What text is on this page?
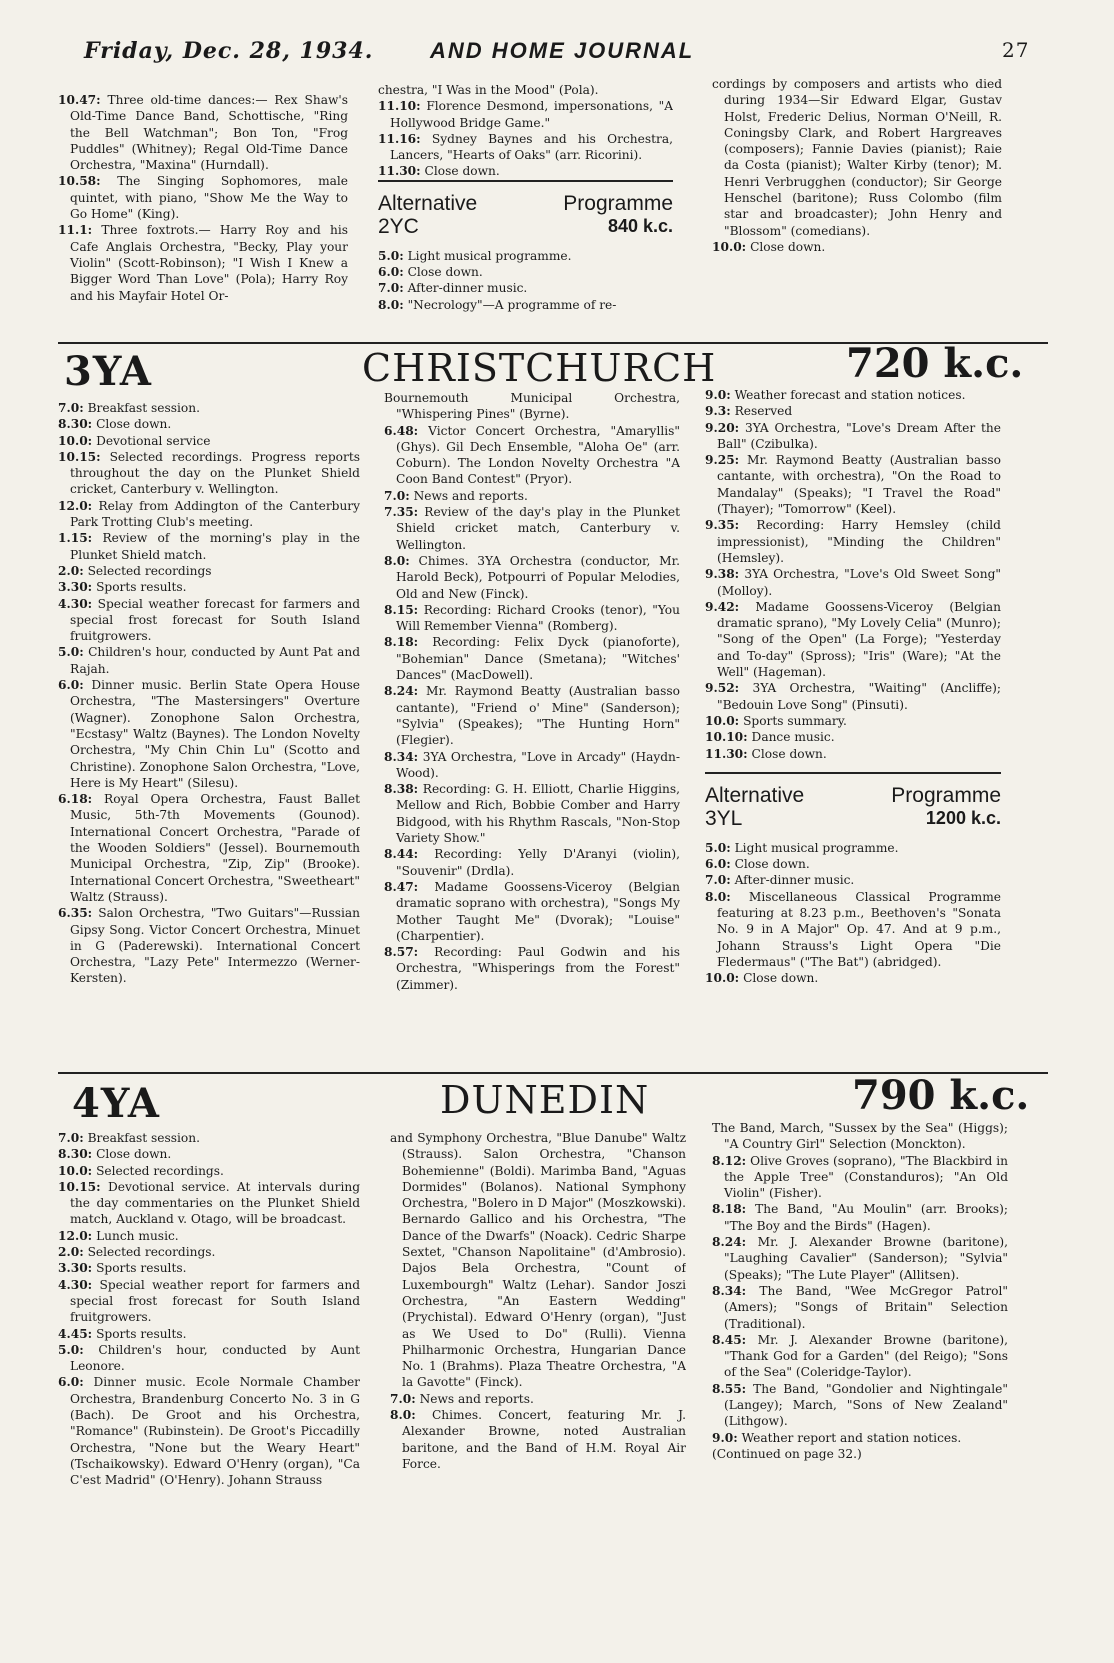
Friday, Dec. 28, 1934.	AND HOME JOURNAL	27

10.47: Three old-time dances:— Rex Shaw's Old-Time Dance Band, Schottische, "Ring the Bell Watchman"; Bon Ton, "Frog Puddles" (Whitney); Regal Old-Time Dance Orchestra, "Maxina" (Hurndall).

10.58: The Singing Sophomores, male quintet, with piano, "Show Me the Way to Go Home" (King).

11.1: Three foxtrots.— Harry Roy and his Cafe Anglais Orchestra, "Becky, Play your Violin" (Scott-Robinson); "I Wish I Knew a Bigger Word Than Love" (Pola); Harry Roy and his Mayfair Hotel Or-

chestra, "I Was in the Mood" (Pola).

11.10: Florence Desmond, impersonations, "A Hollywood Bridge Game."

11.16: Sydney Baynes and his Orchestra, Lancers, "Hearts of Oaks" (arr. Ricorini).

11.30: Close down.

Alternative	Programme

2YC	840 k.c.

5.0: Light musical programme.

6.0: Close down.

7.0: After-dinner music.

8.0: "Necrology"—A programme of re-

cordings by composers and artists who died during 1934—Sir Edward Elgar, Gustav Holst, Frederic Delius, Norman O'Neill, R. Coningsby Clark, and Robert Hargreaves (composers); Fannie Davies (pianist); Raie da Costa (pianist); Walter Kirby (tenor); M. Henri Verbrugghen (conductor); Sir George Henschel (baritone); Russ Colombo (film star and broadcaster); John Henry and "Blossom" (comedians).

10.0: Close down.

3YA	CHRISTCHURCH	720 k.c.

7.0: Breakfast session.

8.30: Close down.

10.0: Devotional service

10.15: Selected recordings. Progress reports throughout the day on the Plunket Shield cricket, Canterbury v. Wellington.

12.0: Relay from Addington of the Canterbury Park Trotting Club's meeting.

1.15: Review of the morning's play in the Plunket Shield match.

2.0: Selected recordings

3.30: Sports results.

4.30: Special weather forecast for farmers and special frost forecast for South Island fruitgrowers.

5.0: Children's hour, conducted by Aunt Pat and Rajah.

6.0: Dinner music. Berlin State Opera House Orchestra, "The Mastersingers" Overture (Wagner). Zonophone Salon Orchestra, "Ecstasy" Waltz (Baynes). The London Novelty Orchestra, "My Chin Chin Lu" (Scotto and Christine). Zonophone Salon Orchestra, "Love, Here is My Heart" (Silesu).

6.18: Royal Opera Orchestra, Faust Ballet Music, 5th-7th Movements (Gounod). International Concert Orchestra, "Parade of the Wooden Soldiers" (Jessel). Bournemouth Municipal Orchestra, "Zip, Zip" (Brooke). International Concert Orchestra, "Sweetheart" Waltz (Strauss).

6.35: Salon Orchestra, "Two Guitars"—Russian Gipsy Song. Victor Concert Orchestra, Minuet in G (Paderewski). International Concert Orchestra, "Lazy Pete" Intermezzo (Werner-Kersten).

Bournemouth Municipal Orchestra, "Whispering Pines" (Byrne).

6.48: Victor Concert Orchestra, "Amaryllis" (Ghys). Gil Dech Ensemble, "Aloha Oe" (arr. Coburn). The London Novelty Orchestra "A Coon Band Contest" (Pryor).

7.0: News and reports.

7.35: Review of the day's play in the Plunket Shield cricket match, Canterbury v. Wellington.

8.0: Chimes. 3YA Orchestra (conductor, Mr. Harold Beck), Potpourri of Popular Melodies, Old and New (Finck).

8.15: Recording: Richard Crooks (tenor), "You Will Remember Vienna" (Romberg).

8.18: Recording: Felix Dyck (pianoforte), "Bohemian" Dance (Smetana); "Witches' Dances" (MacDowell).

8.24: Mr. Raymond Beatty (Australian basso cantante), "Friend o' Mine" (Sanderson); "Sylvia" (Speakes); "The Hunting Horn" (Flegier).

8.34: 3YA Orchestra, "Love in Arcady" (Haydn-Wood).

8.38: Recording: G. H. Elliott, Charlie Higgins, Mellow and Rich, Bobbie Comber and Harry Bidgood, with his Rhythm Rascals, "Non-Stop Variety Show."

8.44: Recording: Yelly D'Aranyi (violin), "Souvenir" (Drdla).

8.47: Madame Goossens-Viceroy (Belgian dramatic soprano with orchestra), "Songs My Mother Taught Me" (Dvorak); "Louise" (Charpentier).

8.57: Recording: Paul Godwin and his Orchestra, "Whisperings from the Forest" (Zimmer).

9.0: Weather forecast and station notices.

9.3: Reserved

9.20: 3YA Orchestra, "Love's Dream After the Ball" (Czibulka).

9.25: Mr. Raymond Beatty (Australian basso cantante, with orchestra), "On the Road to Mandalay" (Speaks); "I Travel the Road" (Thayer); "Tomorrow" (Keel).

9.35: Recording: Harry Hemsley (child impressionist), "Minding the Children" (Hemsley).

9.38: 3YA Orchestra, "Love's Old Sweet Song" (Molloy).

9.42: Madame Goossens-Viceroy (Belgian dramatic sprano), "My Lovely Celia" (Munro); "Song of the Open" (La Forge); "Yesterday and To-day" (Spross); "Iris" (Ware); "At the Well" (Hageman).

9.52: 3YA Orchestra, "Waiting" (Ancliffe); "Bedouin Love Song" (Pinsuti).

10.0: Sports summary.

10.10: Dance music.

11.30: Close down.

Alternative	Programme

3YL	1200 k.c.

5.0: Light musical programme.

6.0: Close down.

7.0: After-dinner music.

8.0: Miscellaneous Classical Programme featuring at 8.23 p.m., Beethoven's "Sonata No. 9 in A Major" Op. 47. And at 9 p.m., Johann Strauss's Light Opera "Die Fledermaus" ("The Bat") (abridged).

10.0: Close down.

4YA	DUNEDIN	790 k.c.

7.0: Breakfast session.

8.30: Close down.

10.0: Selected recordings.

10.15: Devotional service. At intervals during the day commentaries on the Plunket Shield match, Auckland v. Otago, will be broadcast.

12.0: Lunch music.

2.0: Selected recordings.

3.30: Sports results.

4.30: Special weather report for farmers and special frost forecast for South Island fruitgrowers.

4.45: Sports results.

5.0: Children's hour, conducted by Aunt Leonore.

6.0: Dinner music. Ecole Normale Chamber Orchestra, Brandenburg Concerto No. 3 in G (Bach). De Groot and his Orchestra, "Romance" (Rubinstein). De Groot's Piccadilly Orchestra, "None but the Weary Heart" (Tschaikowsky). Edward O'Henry (organ), "Ca C'est Madrid" (O'Henry). Johann Strauss

and Symphony Orchestra, "Blue Danube" Waltz (Strauss). Salon Orchestra, "Chanson Bohemienne" (Boldi). Marimba Band, "Aguas Dormides" (Bolanos). National Symphony Orchestra, "Bolero in D Major" (Moszkowski). Bernardo Gallico and his Orchestra, "The Dance of the Dwarfs" (Noack). Cedric Sharpe Sextet, "Chanson Napolitaine" (d'Ambrosio). Dajos Bela Orchestra, "Count of Luxembourgh" Waltz (Lehar). Sandor Joszi Orchestra, "An Eastern Wedding" (Prychistal). Edward O'Henry (organ), "Just as We Used to Do" (Rulli). Vienna Philharmonic Orchestra, Hungarian Dance No. 1 (Brahms). Plaza Theatre Orchestra, "A la Gavotte" (Finck).

7.0: News and reports.

8.0: Chimes. Concert, featuring Mr. J. Alexander Browne, noted Australian baritone, and the Band of H.M. Royal Air Force.

The Band, March, "Sussex by the Sea" (Higgs); "A Country Girl" Selection (Monckton).

8.12: Olive Groves (soprano), "The Blackbird in the Apple Tree" (Constanduros); "An Old Violin" (Fisher).

8.18: The Band, "Au Moulin" (arr. Brooks); "The Boy and the Birds" (Hagen).

8.24: Mr. J. Alexander Browne (baritone), "Laughing Cavalier" (Sanderson); "Sylvia" (Speaks); "The Lute Player" (Allitsen).

8.34: The Band, "Wee McGregor Patrol" (Amers); "Songs of Britain" Selection (Traditional).

8.45: Mr. J. Alexander Browne (baritone), "Thank God for a Garden" (del Reigo); "Sons of the Sea" (Coleridge-Taylor).

8.55: The Band, "Gondolier and Nightingale" (Langey); March, "Sons of New Zealand" (Lithgow).

9.0: Weather report and station notices.

(Continued on page 32.)
